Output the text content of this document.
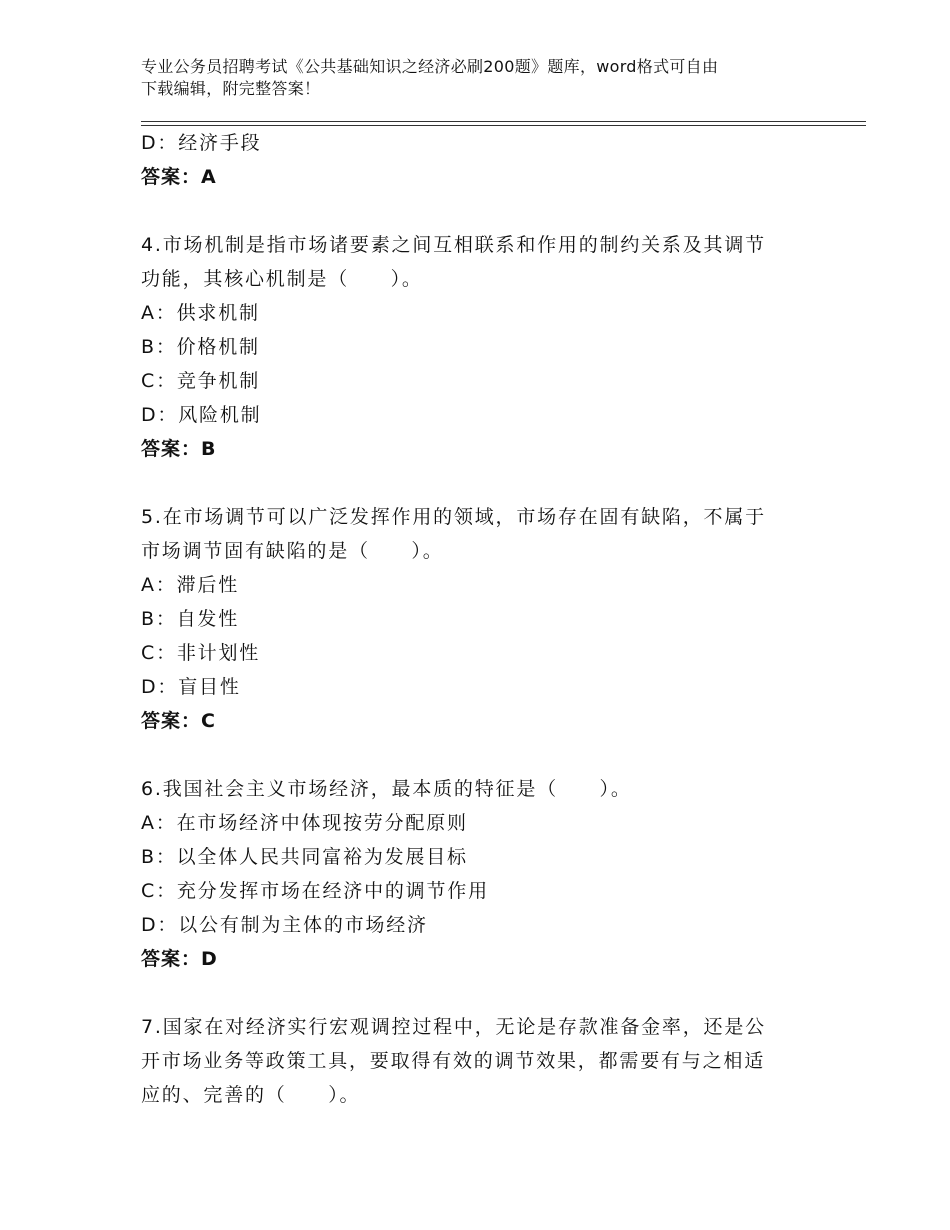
专业公务员招聘考试《公共基础知识之经济必刷200题》题库，word格式可自由
下载编辑，附完整答案！
D：经济手段
答案：A
4.市场机制是指市场诸要素之间互相联系和作用的制约关系及其调节
功能，其核心机制是（　　）。
A：供求机制
B：价格机制
C：竞争机制
D：风险机制
答案：B
5.在市场调节可以广泛发挥作用的领域，市场存在固有缺陷，不属于
市场调节固有缺陷的是（　　）。
A：滞后性
B：自发性
C：非计划性
D：盲目性
答案：C
6.我国社会主义市场经济，最本质的特征是（　　）。
A：在市场经济中体现按劳分配原则
B：以全体人民共同富裕为发展目标
C：充分发挥市场在经济中的调节作用
D：以公有制为主体的市场经济
答案：D
7.国家在对经济实行宏观调控过程中，无论是存款准备金率，还是公
开市场业务等政策工具，要取得有效的调节效果，都需要有与之相适
应的、完善的（　　）。
